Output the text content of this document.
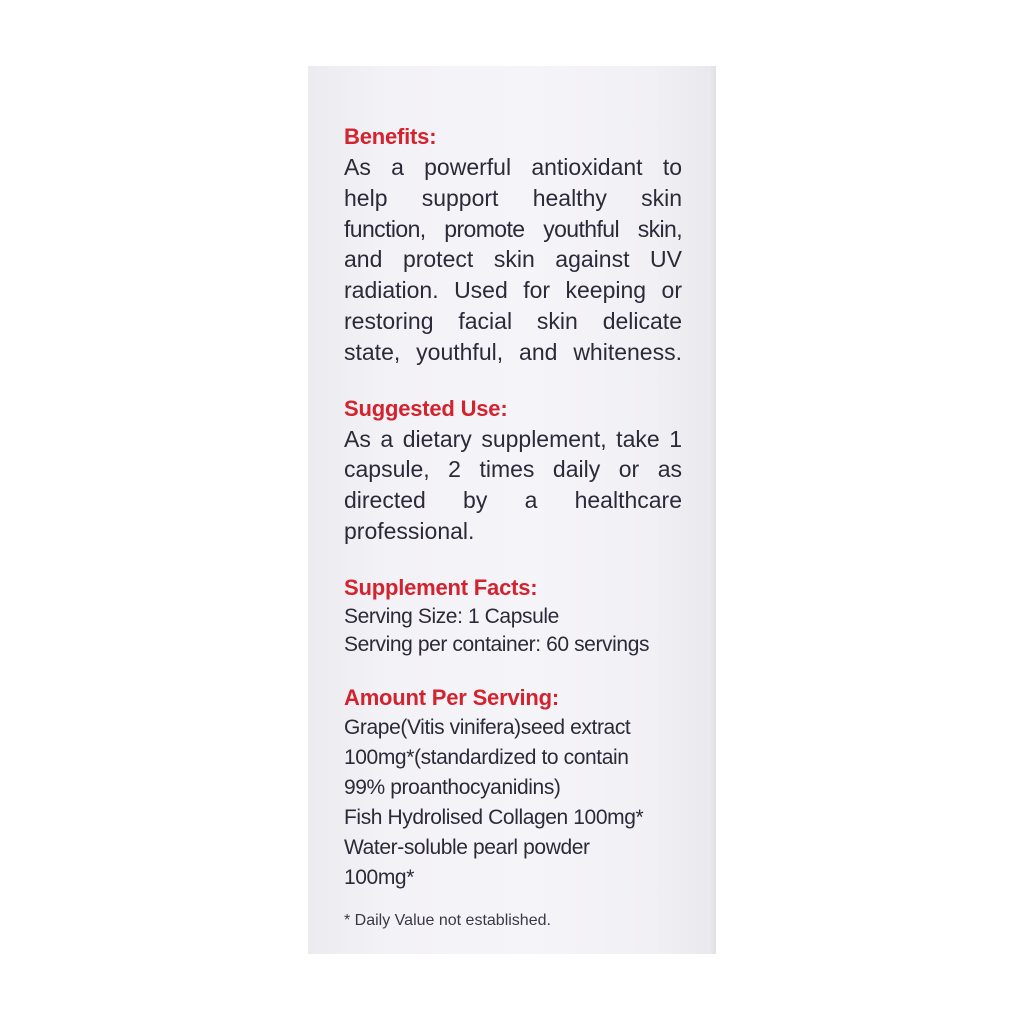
Benefits:
As a powerful antioxidant to
help support healthy skin
function, promote youthful skin,
and protect skin against UV
radiation. Used for keeping or
restoring facial skin delicate
state, youthful, and whiteness.
Suggested Use:
As a dietary supplement, take 1
capsule, 2 times daily or as
directed by a healthcare
professional.
Supplement Facts:
Serving Size: 1 Capsule
Serving per container: 60 servings
Amount Per Serving:
Grape(Vitis vinifera)seed extract
100mg*(standardized to contain
99% proanthocyanidins)
Fish Hydrolised Collagen 100mg*
Water-soluble pearl powder
100mg*
* Daily Value not established.
